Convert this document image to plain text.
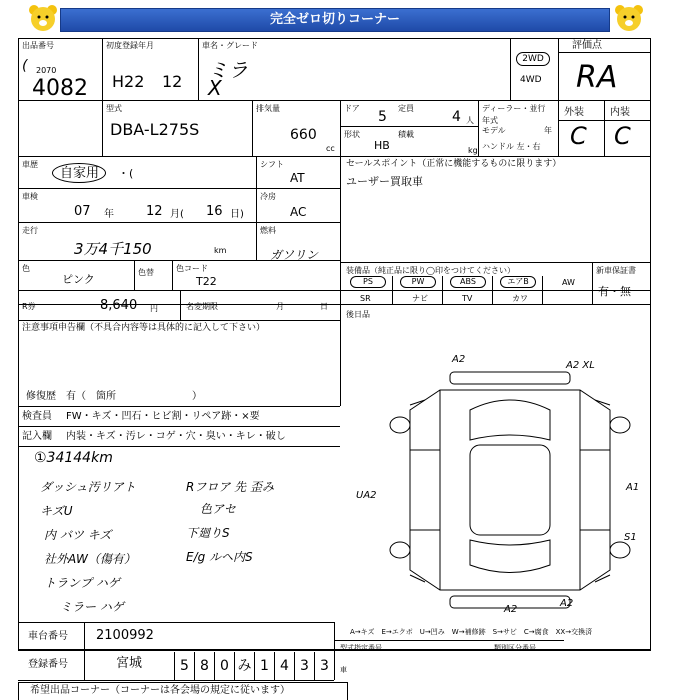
完全ゼロ切りコーナー
出品番号
2070
(
4082
初度登録年月
H22 12
車名・グレード
ミラ
X
2WD
4WD
評価点
RA
型式
DBA-L275S
排気量
660
cc
ドア
5
定員
4 人
形状
HB
積載
kg
ディーラー・並行
年式
モデル	年
ハンドル 左・右
外装	内装
C C
車歴
自家用 ・(
シフト
AT
車検
07 年 12 月( 16 日)
冷房
AC
走行
3万4千150	km
燃料
ガソリン
色
ピンク
色替	色コード
T22
セールスポイント（正常に機能するものに限ります）
ユーザー買取車
装備品（純正品に限り◯印をつけてください）	新車保証書
有・無
PS	PW	ABS	エアB	AW
SR	ナビ	TV	カワ
R券	8,640 円	名変期限	月	日
後日品
注意事項申告欄（不具合内容等は具体的に記入して下さい）
修復歴　有（　箇所	）
検査員 FW・キズ・凹石・ヒビ割・リペア跡・×要
記入欄 内装・キズ・汚レ・コゲ・穴・臭い・キレ・破し
①34144km
ダッシュ汚リアト
キズU
内 バツ キズ
社外AW（傷有）
トランプ ハゲ
ミラー ハゲ
Rフロア 先 歪み
色アセ
下廻りS
E/g ルヘ内S
A2
A2 XL
A1
S1
A2
A2
UA2
A→キズ　E→エクボ　U→凹み　W→補修跡　S→サビ　C→腐食　XX→交換済
車台番号 2100992
登録番号	宮城	5 8 0 み 1 4 3 3
型式指定番号	類別区分番号
車
希望出品コーナー（コーナーは各会場の規定に従います）
